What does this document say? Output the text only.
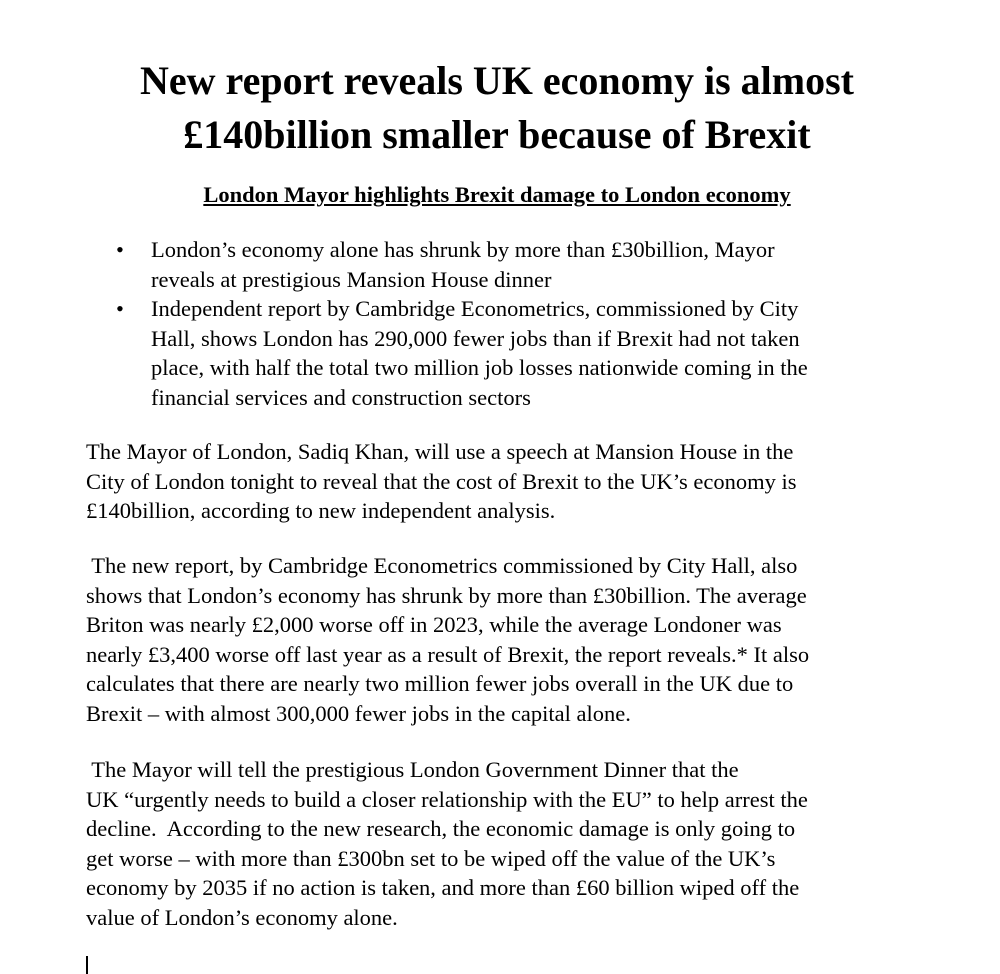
New report reveals UK economy is almost
£140billion smaller because of Brexit
London Mayor highlights Brexit damage to London economy
• London’s economy alone has shrunk by more than £30billion, Mayor
reveals at prestigious Mansion House dinner
• Independent report by Cambridge Econometrics, commissioned by City
Hall, shows London has 290,000 fewer jobs than if Brexit had not taken
place, with half the total two million job losses nationwide coming in the
financial services and construction sectors

The Mayor of London, Sadiq Khan, will use a speech at Mansion House in the
City of London tonight to reveal that the cost of Brexit to the UK’s economy is
£140billion, according to new independent analysis.

The new report, by Cambridge Econometrics commissioned by City Hall, also
shows that London’s economy has shrunk by more than £30billion. The average
Briton was nearly £2,000 worse off in 2023, while the average Londoner was
nearly £3,400 worse off last year as a result of Brexit, the report reveals.* It also
calculates that there are nearly two million fewer jobs overall in the UK due to
Brexit – with almost 300,000 fewer jobs in the capital alone.

The Mayor will tell the prestigious London Government Dinner that the
UK “urgently needs to build a closer relationship with the EU” to help arrest the
decline.  According to the new research, the economic damage is only going to
get worse – with more than £300bn set to be wiped off the value of the UK’s
economy by 2035 if no action is taken, and more than £60 billion wiped off the
value of London’s economy alone.
